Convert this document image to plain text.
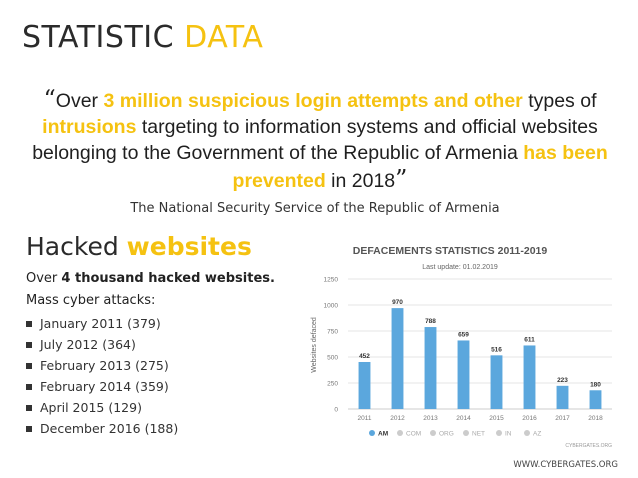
STATISTIC DATA
“Over 3 million suspicious login attempts and other types of intrusions targeting to information systems and official websites belonging to the Government of the Republic of Armenia has been prevented in 2018”
The National Security Service of the Republic of Armenia
Hacked websites
Over 4 thousand hacked websites.
Mass cyber attacks:
January 2011 (379)
July 2012 (364)
February 2013 (275)
February 2014 (359)
April 2015 (129)
December 2016 (188)
DEFACEMENTS STATISTICS 2011-2019
Last update: 01.02.2019
Websites defaced
0
250
500
750
1000
1250
452
2011
970
2012
788
2013
659
2014
516
2015
611
2016
223
2017
180
2018
AM	COM	ORG	NET	IN	AZ
CYBERGATES.ORG
WWW.CYBERGATES.ORG
